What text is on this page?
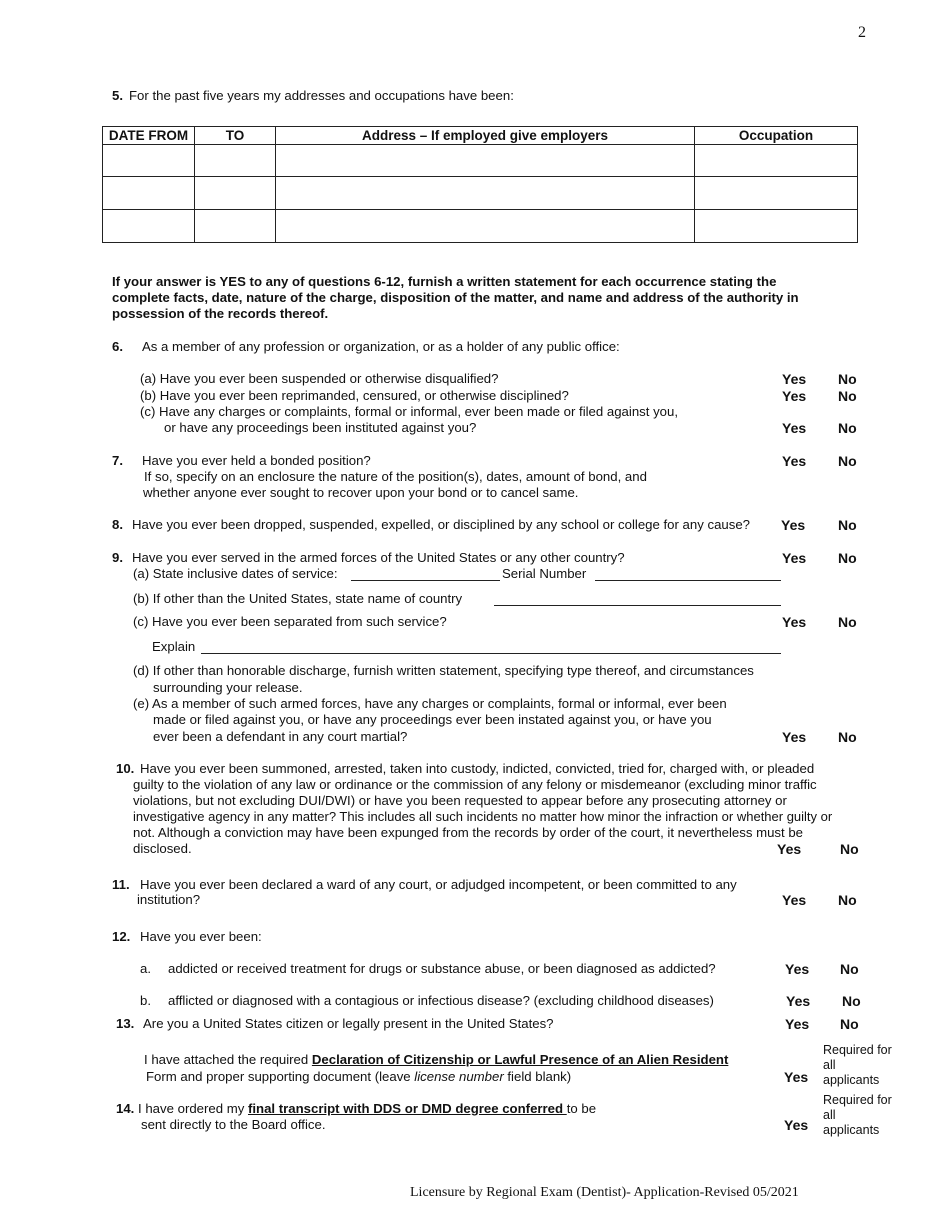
2
5. For the past five years my addresses and occupations have been:
DATE FROM	TO	Address – If employed give employers	Occupation

If your answer is YES to any of questions 6-12, furnish a written statement for each occurrence stating the
complete facts, date, nature of the charge, disposition of the matter, and name and address of the authority in
possession of the records thereof.
6. As a member of any profession or organization, or as a holder of any public office:
(a) Have you ever been suspended or otherwise disqualified?	Yes No
(b) Have you ever been reprimanded, censured, or otherwise disciplined?	Yes No
(c) Have any charges or complaints, formal or informal, ever been made or filed against you,
or have any proceedings been instituted against you?	Yes No
7. Have you ever held a bonded position?	Yes No
If so, specify on an enclosure the nature of the position(s), dates, amount of bond, and
whether anyone ever sought to recover upon your bond or to cancel same.
8. Have you ever been dropped, suspended, expelled, or disciplined by any school or college for any cause? Yes No
9. Have you ever served in the armed forces of the United States or any other country?	Yes No
(a) State inclusive dates of service:	Serial Number
(b) If other than the United States, state name of country
(c) Have you ever been separated from such service?	Yes No
Explain
(d) If other than honorable discharge, furnish written statement, specifying type thereof, and circumstances
surrounding your release.
(e) As a member of such armed forces, have any charges or complaints, formal or informal, ever been
made or filed against you, or have any proceedings ever been instated against you, or have you
ever been a defendant in any court martial?	Yes No
10. Have you ever been summoned, arrested, taken into custody, indicted, convicted, tried for, charged with, or pleaded
guilty to the violation of any law or ordinance or the commission of any felony or misdemeanor (excluding minor traffic
violations, but not excluding DUI/DWI) or have you been requested to appear before any prosecuting attorney or
investigative agency in any matter? This includes all such incidents no matter how minor the infraction or whether guilty or
not. Although a conviction may have been expunged from the records by order of the court, it nevertheless must be
disclosed.	Yes	No
11. Have you ever been declared a ward of any court, or adjudged incompetent, or been committed to any
institution?	Yes No
12. Have you ever been:
a. addicted or received treatment for drugs or substance abuse, or been diagnosed as addicted?	Yes No
b. afflicted or diagnosed with a contagious or infectious disease? (excluding childhood diseases)	Yes No
13. Are you a United States citizen or legally present in the United States?	Yes No
I have attached the required Declaration of Citizenship or Lawful Presence of an Alien Resident
Form and proper supporting document (leave license number field blank)	Yes
Required for all applicants
14. I have ordered my final transcript with DDS or DMD degree conferred to be
sent directly to the Board office.	Yes
Required for all applicants
Licensure by Regional Exam (Dentist)- Application-Revised 05/2021
